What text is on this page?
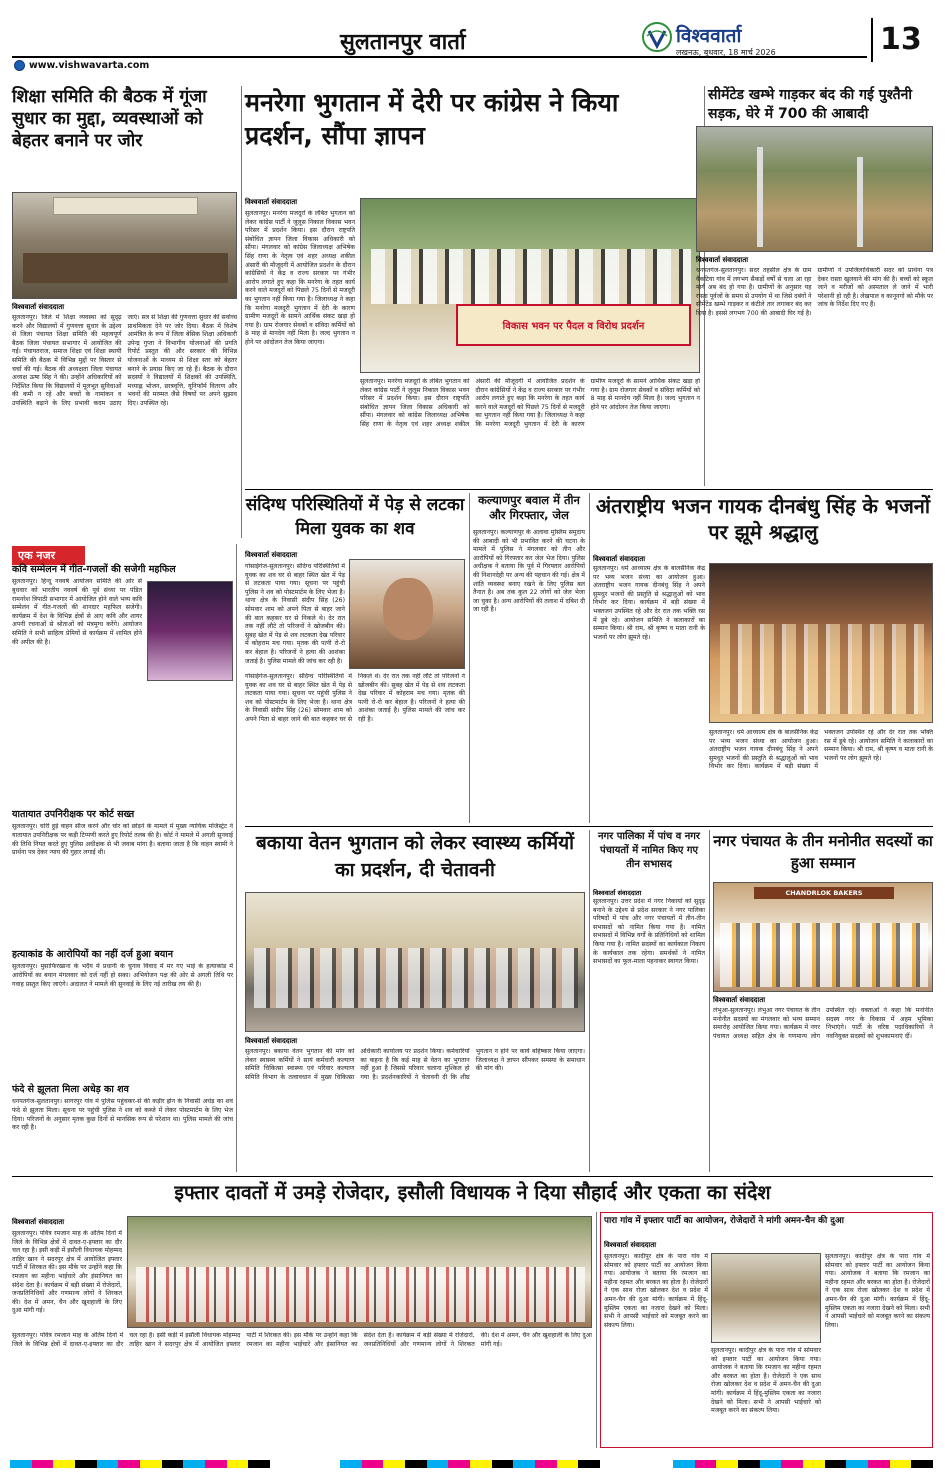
सुलतानपुर वार्ता
www.vishwavarta.com
विश्ववार्ता
लखनऊ, बुधवार, 18 मार्च 2026	13
शिक्षा समिति की बैठक में गूंजा सुधार का मुद्दा, व्यवस्थाओं को बेहतर बनाने पर जोर
विश्ववार्ता संवाददाता
सुलतानपुर। जिले में शिक्षा व्यवस्था को सुदृढ़ करने और विद्यालयों में गुणवत्ता सुधार के उद्देश्य से जिला पंचायत शिक्षा समिति की महत्वपूर्ण बैठक जिला पंचायत सभागार में आयोजित की गई। पंचायतराज, समाज शिक्षा एवं शिक्षा स्थायी समिति की बैठक में विभिन्न मुद्दों पर विस्तार से चर्चा की गई। बैठक की अध्यक्षता जिला पंचायत अध्यक्ष ऊषा सिंह ने की। उन्होंने अधिकारियों को निर्देशित किया कि विद्यालयों में मूलभूत सुविधाओं की कमी न रहे और बच्चों के नामांकन व उपस्थिति बढ़ाने के लिए प्रभावी कदम उठाए जाएं। सत्र से शिक्षा की गुणवत्ता सुधार की सर्वोच्च प्राथमिकता देने पर जोर दिया। बैठक में विशेष आमंत्रित के रूप में जिला बेसिक शिक्षा अधिकारी उपेन्द्र गुप्ता ने विभागीय योजनाओं की प्रगति रिपोर्ट प्रस्तुत की और सरकार की विभिन्न योजनाओं के माध्यम से शिक्षा स्तर को बेहतर बनाने के प्रयास किए जा रहे हैं। बैठक के दौरान सदस्यों ने विद्यालयों में शिक्षकों की उपस्थिति, मध्याह्न भोजन, छात्रवृत्ति, यूनिफॉर्म वितरण और भवनों की मरम्मत जैसे विषयों पर अपने सुझाव दिए। उपस्थित रहे।
मनरेगा भुगतान में देरी पर कांग्रेस ने किया प्रदर्शन, सौंपा ज्ञापन
विश्ववार्ता संवाददाता
सुलतानपुर। मनरेगा मजदूरों के लंबित भुगतान को लेकर कांग्रेस पार्टी ने जुलूस निकाल विकास भवन परिसर में प्रदर्शन किया। इस दौरान राष्ट्रपति संबोधित ज्ञापन जिला विकास अधिकारी को सौंपा। मंगलवार को कांग्रेस जिलाध्यक्ष अभिषेक सिंह राणा के नेतृत्व एवं शहर अध्यक्ष शकील अंसारी की मौजूदगी में आयोजित प्रदर्शन के दौरान कांग्रेसियों ने केंद्र व राज्य सरकार पर गंभीर आरोप लगाते हुए कहा कि मनरेगा के तहत कार्य करने वाले मजदूरों को पिछले 75 दिनों से मजदूरी का भुगतान नहीं किया गया है। जिलाध्यक्ष ने कहा कि मनरेगा मजदूरी भुगतान में देरी के कारण ग्रामीण मजदूरों के सामने आर्थिक संकट खड़ा हो गया है। ग्राम रोजगार सेवकों व संविदा कर्मियों को 8 माह से मानदेय नहीं मिला है। जल्द भुगतान न होने पर आंदोलन तेज किया जाएगा।
विकास भवन पर पैदल व विरोध प्रदर्शन
सुलतानपुर। मनरेगा मजदूरों के लंबित भुगतान को लेकर कांग्रेस पार्टी ने जुलूस निकाल विकास भवन परिसर में प्रदर्शन किया। इस दौरान राष्ट्रपति संबोधित ज्ञापन जिला विकास अधिकारी को सौंपा। मंगलवार को कांग्रेस जिलाध्यक्ष अभिषेक सिंह राणा के नेतृत्व एवं शहर अध्यक्ष शकील अंसारी की मौजूदगी में आयोजित प्रदर्शन के दौरान कांग्रेसियों ने केंद्र व राज्य सरकार पर गंभीर आरोप लगाते हुए कहा कि मनरेगा के तहत कार्य करने वाले मजदूरों को पिछले 75 दिनों से मजदूरी का भुगतान नहीं किया गया है। जिलाध्यक्ष ने कहा कि मनरेगा मजदूरी भुगतान में देरी के कारण ग्रामीण मजदूरों के सामने आर्थिक संकट खड़ा हो गया है। ग्राम रोजगार सेवकों व संविदा कर्मियों को 8 माह से मानदेय नहीं मिला है। जल्द भुगतान न होने पर आंदोलन तेज किया जाएगा।
सीमेंटेड खम्भे गाड़कर बंद की गई पुश्तैनी सड़क, घेरे में 700 की आबादी
विश्ववार्ता संवाददाता
धनपतगंज-सुलतानपुर। सदर तहसील क्षेत्र के ग्राम वैकटिया गांव में लगभग सैकड़ों वर्षों से चला आ रहा मार्ग अब बंद हो गया है। ग्रामीणों के अनुसार यह रास्ता पूर्वजों के समय से उपयोग में था जिसे दबंगों ने सीमेंटेड खम्भे गाड़कर व कंटीले तार लगाकर बंद कर दिया है। इससे लगभग 700 की आबादी घिर गई है। ग्रामीणों ने उपजिलाधिकारी सदर को प्रार्थना पत्र देकर रास्ता खुलवाने की मांग की है। बच्चों को स्कूल जाने व मरीजों को अस्पताल ले जाने में भारी परेशानी हो रही है। लेखपाल व कानूनगो को मौके पर जांच के निर्देश दिए गए हैं।
संदिग्ध परिस्थितियों में पेड़ से लटका मिला युवक का शव
विश्ववार्ता संवाददाता
गोसाईगंज-सुलतानपुर। संदिग्ध परिस्थितियों में युवक का शव घर से बाहर स्थित खेत में पेड़ से लटकता पाया गया। सूचना पर पहुंची पुलिस ने शव को पोस्टमार्टम के लिए भेजा है। थाना क्षेत्र के निवासी संदीप सिंह (26) सोमवार शाम को अपने पिता से बाहर जाने की बात कहकर घर से निकले थे। देर रात तक नहीं लौटे तो परिजनों ने खोजबीन की। सुबह खेत में पेड़ से शव लटकता देख परिवार में कोहराम मच गया। मृतक की पत्नी रो-रो कर बेहाल है। परिजनों ने हत्या की आशंका जताई है। पुलिस मामले की जांच कर रही है।
गोसाईगंज-सुलतानपुर। संदिग्ध परिस्थितियों में युवक का शव घर से बाहर स्थित खेत में पेड़ से लटकता पाया गया। सूचना पर पहुंची पुलिस ने शव को पोस्टमार्टम के लिए भेजा है। थाना क्षेत्र के निवासी संदीप सिंह (26) सोमवार शाम को अपने पिता से बाहर जाने की बात कहकर घर से निकले थे। देर रात तक नहीं लौटे तो परिजनों ने खोजबीन की। सुबह खेत में पेड़ से शव लटकता देख परिवार में कोहराम मच गया। मृतक की पत्नी रो-रो कर बेहाल है। परिजनों ने हत्या की आशंका जताई है। पुलिस मामले की जांच कर रही है।
कल्याणपुर बवाल में तीन और गिरफ्तार, जेल
सुलतानपुर। कल्याणपुर के अलावा मुस्लिम समुदाय की आबादी को भी प्रभावित करने की घटना के मामले में पुलिस ने मंगलवार को तीन और आरोपियों को गिरफ्तार कर जेल भेज दिया। पुलिस अधीक्षक ने बताया कि पूर्व में गिरफ्तार आरोपियों की निशानदेही पर अन्य की पहचान की गई। क्षेत्र में शांति व्यवस्था बनाए रखने के लिए पुलिस बल तैनात है। अब तक कुल 22 लोगों को जेल भेजा जा चुका है। अन्य आरोपियों की तलाश में दबिश दी जा रही है।
अंतराष्ट्रीय भजन गायक दीनबंधु सिंह के भजनों पर झूमे श्रद्धालु
विश्ववार्ता संवाददाता
सुलतानपुर। धर्म आध्यात्म क्षेत्र के बालसैनिक केंद्र पर भव्य भजन संध्या का आयोजन हुआ। अंतराष्ट्रीय भजन गायक दीनबंधु सिंह ने अपने सुमधुर भजनों की प्रस्तुति से श्रद्धालुओं को भाव विभोर कर दिया। कार्यक्रम में बड़ी संख्या में भक्तजन उपस्थित रहे और देर रात तक भक्ति रस में डूबे रहे। आयोजन समिति ने कलाकारों का सम्मान किया। श्री राम, श्री कृष्ण व माता रानी के भजनों पर लोग झूमते रहे।
सुलतानपुर। धर्म आध्यात्म क्षेत्र के बालसैनिक केंद्र पर भव्य भजन संध्या का आयोजन हुआ। अंतराष्ट्रीय भजन गायक दीनबंधु सिंह ने अपने सुमधुर भजनों की प्रस्तुति से श्रद्धालुओं को भाव विभोर कर दिया। कार्यक्रम में बड़ी संख्या में भक्तजन उपस्थित रहे और देर रात तक भक्ति रस में डूबे रहे। आयोजन समिति ने कलाकारों का सम्मान किया। श्री राम, श्री कृष्ण व माता रानी के भजनों पर लोग झूमते रहे।
एक नजर
कवि सम्मेलन में गीत-गजलों की सजेगी महफिल
सुलतानपुर। हिन्दू नववर्ष आयोजन समिति की ओर से बुधवार को भारतीय नववर्ष की पूर्व संध्या पर पंडित रामनरेश त्रिपाठी सभागार में आयोजित होने वाले भव्य कवि सम्मेलन में गीत-गजलों की शानदार महफिल सजेगी। कार्यक्रम में देश के विभिन्न क्षेत्रों से आए कवि और शायर अपनी रचनाओं से श्रोताओं को मंत्रमुग्ध करेंगे। आयोजन समिति ने सभी साहित्य प्रेमियों से कार्यक्रम में शामिल होने की अपील की है।
यातायात उपनिरीक्षक पर कोर्ट सख्त
सुलतानपुर। चोरी हुई वाहन सीज करने और चोर को छोड़ने के मामले में मुख्य न्यायिक मजिस्ट्रेट ने यातायात उपनिरीक्षक पर कड़ी टिप्पणी करते हुए रिपोर्ट तलब की है। कोर्ट ने मामले में अगली सुनवाई की तिथि नियत करते हुए पुलिस अधीक्षक से भी जवाब मांगा है। बताया जाता है कि वाहन स्वामी ने प्रार्थना पत्र देकर न्याय की गुहार लगाई थी।
हत्याकांड के आरोपियों का नहीं दर्ज हुआ बयान
सुलतानपुर। मुसाफिरखाना के भदैंय में प्रधानी के चुनाव विवाद में मर गए भाई के हत्याकांड में आरोपियों का बयान मंगलवार को दर्ज नहीं हो सका। अभियोजन पक्ष की ओर से अगली तिथि पर गवाह प्रस्तुत किए जाएंगे। अदालत ने मामले की सुनवाई के लिए नई तारीख तय की है।
फंदे से झूलता मिला अधेड़ का शव
धनपतगंज-सुलतानपुर। सागरपुर गांव में पुलिस पहुंचकर-से की कड़ीर ह्रोन के निवासी अधेड़ का शव फंदे से झूलता मिला। सूचना पर पहुंची पुलिस ने शव को कब्जे में लेकर पोस्टमार्टम के लिए भेज दिया। परिजनों के अनुसार मृतक कुछ दिनों से मानसिक रूप से परेशान था। पुलिस मामले की जांच कर रही है।
बकाया वेतन भुगतान को लेकर स्वास्थ्य कर्मियों का प्रदर्शन, दी चेतावनी
विश्ववार्ता संवाददाता
सुलतानपुर। बकाया वेतन भुगतान की मांग को लेकर स्वास्थ्य कर्मियों ने सायं कर्मचारी कल्याण समिति चिकित्सा स्वास्थ्य एवं परिवार कल्याण समिति विभाग के तत्वावधान में मुख्य चिकित्सा अधिकारी कार्यालय पर प्रदर्शन किया। कर्मचारियों का कहना है कि कई माह से वेतन का भुगतान नहीं हुआ है जिससे परिवार चलाना मुश्किल हो गया है। प्रदर्शनकारियों ने चेतावनी दी कि शीघ्र भुगतान न होने पर कार्य बहिष्कार किया जाएगा। जिलाध्यक्ष ने ज्ञापन सौंपकर समस्या के समाधान की मांग की।
नगर पालिका में पांच व नगर पंचायतों में नामित किए गए तीन सभासद
विश्ववार्ता संवाददाता
सुलतानपुर। उत्तर प्रदेश में नगर निकायों को सुदृढ़ बनाने के उद्देश्य से प्रदेश सरकार ने नगर पालिका परिषदों में पांच और नगर पंचायतों में तीन-तीन सभासदों को नामित किया गया है। नामित सभासदों में विभिन्न वर्गों के प्रतिनिधियों को शामिल किया गया है। नामित सदस्यों का कार्यकाल निकाय के कार्यकाल तक रहेगा। समर्थकों ने नामित सभासदों का फूल-माला पहनाकर स्वागत किया।
नगर पंचायत के तीन मनोनीत सदस्यों का हुआ सम्मान
CHANDRLOK BAKERS
विश्ववार्ता संवाददाता
लंभुआ-सुलतानपुर। लंभुआ नगर पंचायत के तीन मनोनीत सदस्यों का मंगलवार को भव्य सम्मान समारोह आयोजित किया गया। कार्यक्रम में नगर पंचायत अध्यक्ष सहित क्षेत्र के गणमान्य लोग उपस्थित रहे। वक्ताओं ने कहा कि मनोनीत सदस्य नगर के विकास में अहम भूमिका निभाएंगे। पार्टी के वरिष्ठ पदाधिकारियों ने नवनियुक्त सदस्यों को शुभकामनाएं दीं।
इफ्तार दावतों में उमड़े रोजेदार, इसौली विधायक ने दिया सौहार्द और एकता का संदेश
विश्ववार्ता संवाददाता
सुलतानपुर। पवित्र रमजान माह के अंतिम दिनों में जिले के विभिन्न क्षेत्रों में दावत-ए-इफ्तार का दौर चल रहा है। इसी कड़ी में इसौली विधायक मोहम्मद ताहिर खान ने सदरपुर क्षेत्र में आयोजित इफ्तार पार्टी में शिरकत की। इस मौके पर उन्होंने कहा कि रमजान का महीना भाईचारे और इंसानियत का संदेश देता है। कार्यक्रम में बड़ी संख्या में रोजेदारों, जनप्रतिनिधियों और गणमान्य लोगों ने शिरकत की। देश में अमन, चैन और खुशहाली के लिए दुआ मांगी गई।
सुलतानपुर। पवित्र रमजान माह के अंतिम दिनों में जिले के विभिन्न क्षेत्रों में दावत-ए-इफ्तार का दौर चल रहा है। इसी कड़ी में इसौली विधायक मोहम्मद ताहिर खान ने सदरपुर क्षेत्र में आयोजित इफ्तार पार्टी में शिरकत की। इस मौके पर उन्होंने कहा कि रमजान का महीना भाईचारे और इंसानियत का संदेश देता है। कार्यक्रम में बड़ी संख्या में रोजेदारों, जनप्रतिनिधियों और गणमान्य लोगों ने शिरकत की। देश में अमन, चैन और खुशहाली के लिए दुआ मांगी गई।
पारा गांव में इफ्तार पार्टी का आयोजन, रोजेदारों ने मांगी अमन-चैन की दुआ
विश्ववार्ता संवाददाता
सुलतानपुर। कादीपुर क्षेत्र के पारा गांव में सोमवार को इफ्तार पार्टी का आयोजन किया गया। आयोजक ने बताया कि रमजान का महीना रहमत और बरकत का होता है। रोजेदारों ने एक साथ रोजा खोलकर देश व प्रदेश में अमन-चैन की दुआ मांगी। कार्यक्रम में हिंदू-मुस्लिम एकता का नजारा देखने को मिला। सभी ने आपसी भाईचारे को मजबूत करने का संकल्प लिया।
सुलतानपुर। कादीपुर क्षेत्र के पारा गांव में सोमवार को इफ्तार पार्टी का आयोजन किया गया। आयोजक ने बताया कि रमजान का महीना रहमत और बरकत का होता है। रोजेदारों ने एक साथ रोजा खोलकर देश व प्रदेश में अमन-चैन की दुआ मांगी। कार्यक्रम में हिंदू-मुस्लिम एकता का नजारा देखने को मिला। सभी ने आपसी भाईचारे को मजबूत करने का संकल्प लिया।
सुलतानपुर। कादीपुर क्षेत्र के पारा गांव में सोमवार को इफ्तार पार्टी का आयोजन किया गया। आयोजक ने बताया कि रमजान का महीना रहमत और बरकत का होता है। रोजेदारों ने एक साथ रोजा खोलकर देश व प्रदेश में अमन-चैन की दुआ मांगी। कार्यक्रम में हिंदू-मुस्लिम एकता का नजारा देखने को मिला। सभी ने आपसी भाईचारे को मजबूत करने का संकल्प लिया।
